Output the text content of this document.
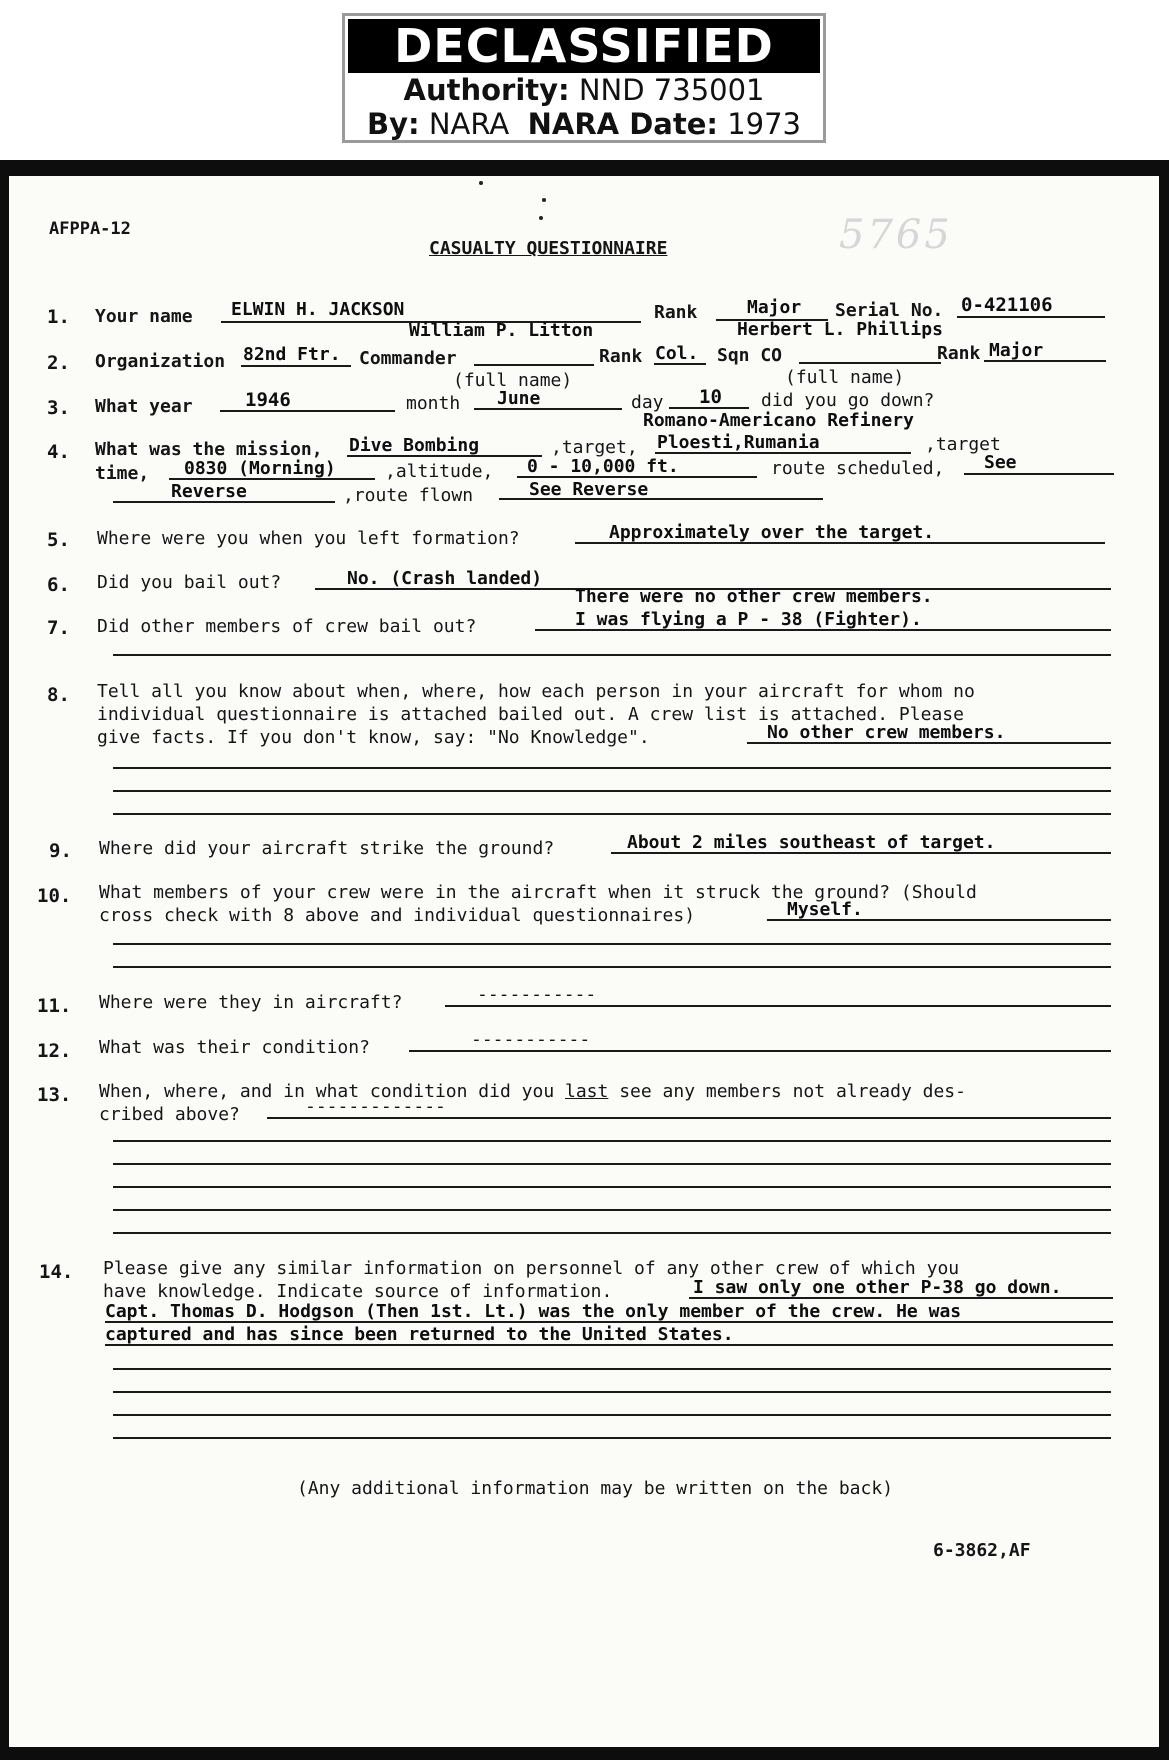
DECLASSIFIED
Authority: NND 735001
By: NARA NARA Date: 1973
AFPPA-12
CASUALTY QUESTIONNAIRE	5765
1. Your name ELWIN H. JACKSON	Rank	Major Serial No. 0-421106
William P. Litton	Herbert L. Phillips
2. Organization 82nd Ftr. Commander	Rank Col. Sqn CO	Rank Major
(full name)	(full name)
3. What year	1946	month June	day 10 did you go down?
Romano-Americano Refinery
4. What was the mission, Dive Bombing	,target, Ploesti,Rumania	,target
time, 0830 (Morning)	,altitude, 0 - 10,000 ft.	route scheduled, See
Reverse	,route flown	See Reverse
5. Where were you when you left formation?	Approximately over the target.
6. Did you bail out?	No. (Crash landed)
There were no other crew members.
7. Did other members of crew bail out?	I was flying a P - 38 (Fighter).
8. Tell all you know about when, where, how each person in your aircraft for whom no
individual questionnaire is attached bailed out. A crew list is attached. Please
give facts. If you don't know, say: "No Knowledge".	No other crew members.
9. Where did your aircraft strike the ground?	About 2 miles southeast of target.
10. What members of your crew were in the aircraft when it struck the ground? (Should
cross check with 8 above and individual questionnaires)	Myself.
11. Where were they in aircraft?	-----------
12. What was their condition?	-----------
13. When, where, and in what condition did you last see any members not already des-
cribed above?	-------------
14. Please give any similar information on personnel of any other crew of which you
have knowledge. Indicate source of information.	I saw only one other P-38 go down.
Capt. Thomas D. Hodgson (Then 1st. Lt.) was the only member of the crew. He was
captured and has since been returned to the United States.
(Any additional information may be written on the back)
6-3862,AF
